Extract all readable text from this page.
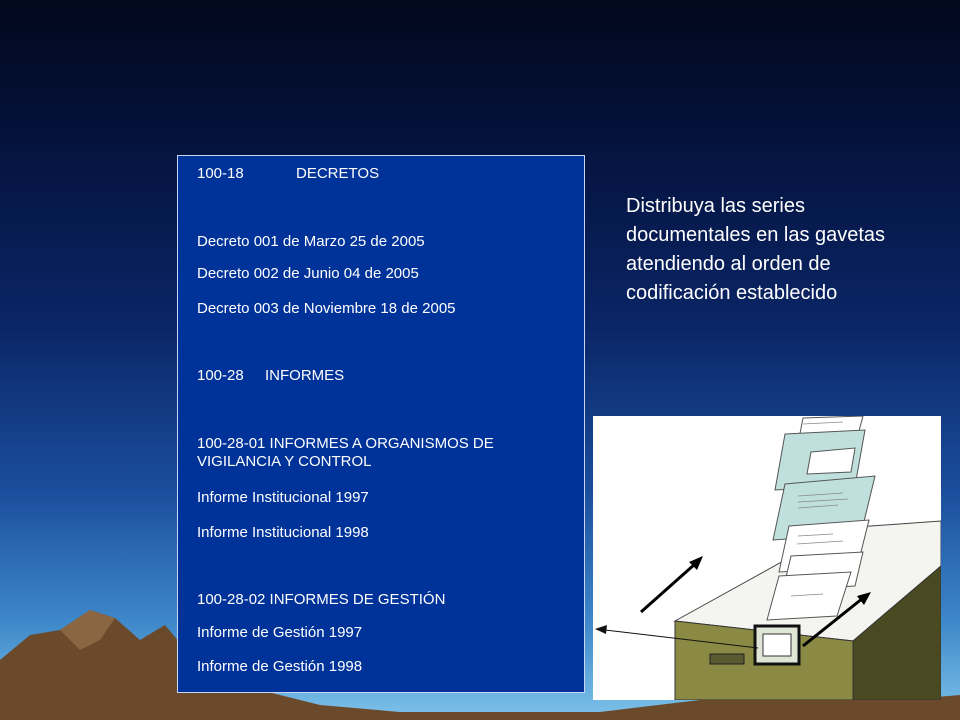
100-18	DECRETOS
Decreto 001 de Marzo 25 de 2005
Decreto 002 de Junio 04 de 2005
Decreto 003 de Noviembre 18 de 2005
100-28 INFORMES
100-28-01 INFORMES A ORGANISMOS DE VIGILANCIA Y CONTROL
Informe Institucional 1997
Informe Institucional 1998
100-28-02 INFORMES DE GESTIÓN
Informe de Gestión 1997
Informe de Gestión 1998
Distribuya las series documentales en las gavetas atendiendo al orden de codificación establecido
